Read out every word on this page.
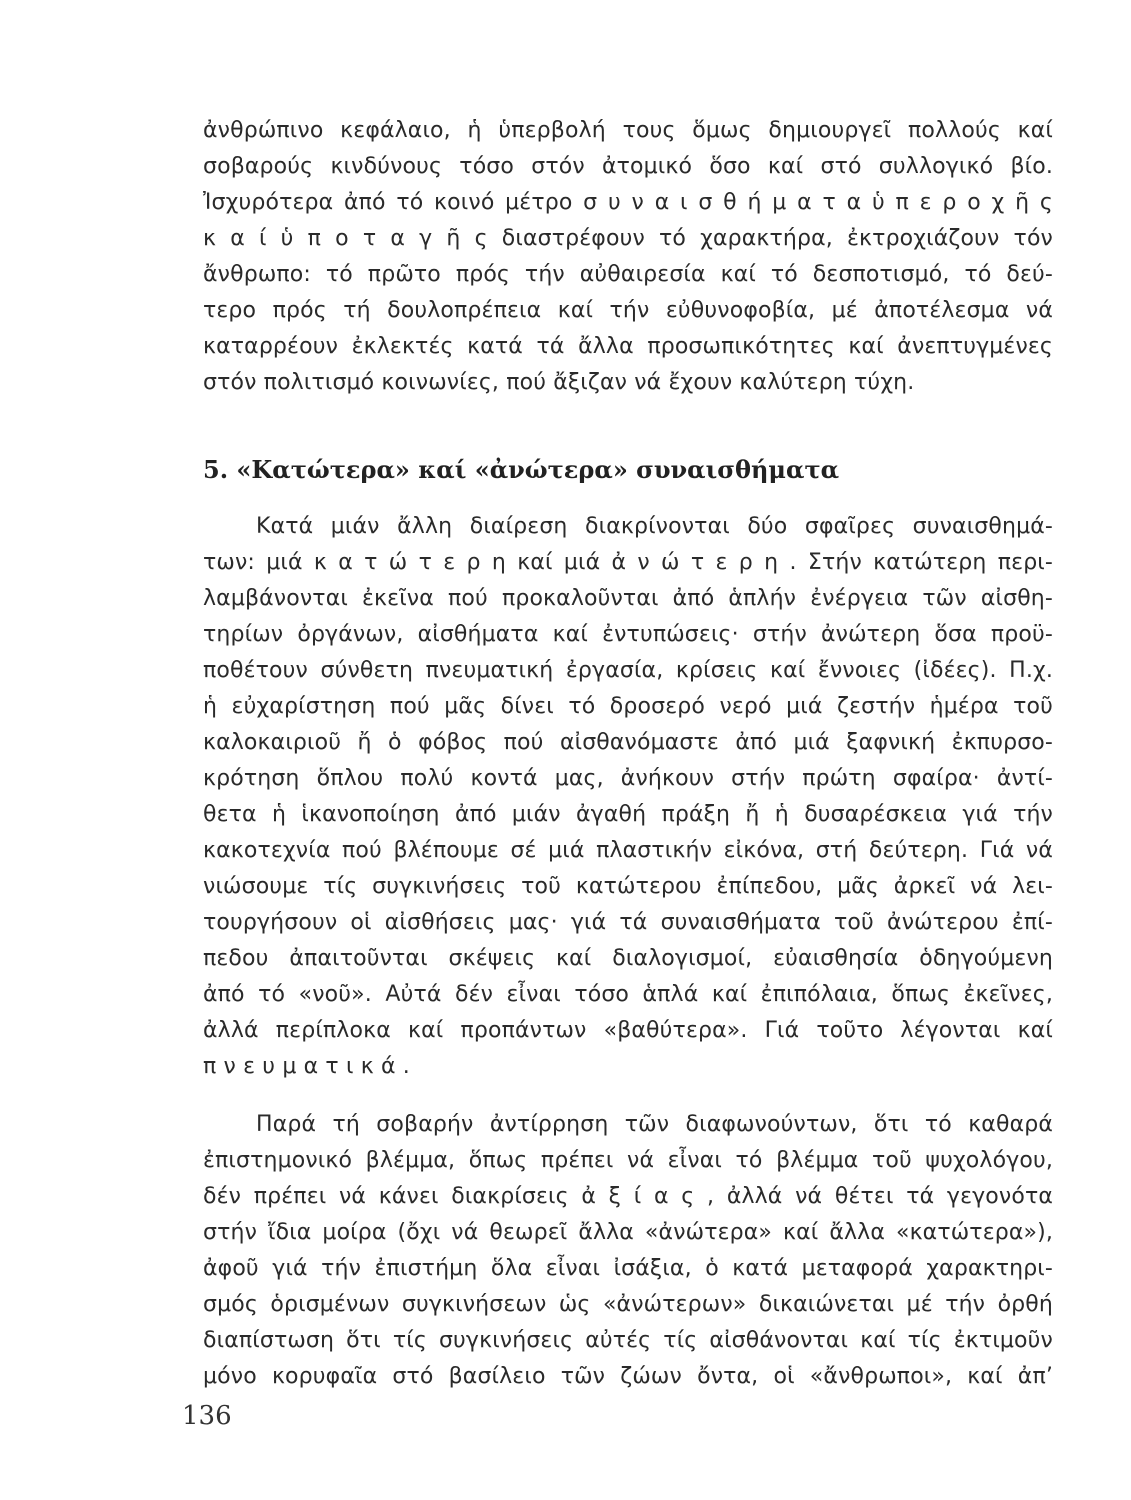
ἀνθρώπινο κεφάλαιο, ἡ ὑπερβολή τους ὅμως δημιουργεῖ πολλούς καί
σοβαρούς κινδύνους τόσο στόν ἀτομικό ὅσο καί στό συλλογικό βίο.
Ἰσχυρότερα ἀπό τό κοινό μέτρο σ υ ν α ι σ θ ή μ α τ α ὑ π ε ρ ο χ ῆ ς
κ α ί ὑ π ο τ α γ ῆ ς διαστρέφουν τό χαρακτήρα, ἐκτροχιάζουν τόν
ἄνθρωπο: τό πρῶτο πρός τήν αὐθαιρεσία καί τό δεσποτισμό, τό δεύ-
τερο πρός τή δουλοπρέπεια καί τήν εὐθυνοφοβία, μέ ἀποτέλεσμα νά
καταρρέουν ἐκλεκτές κατά τά ἄλλα προσωπικότητες καί ἀνεπτυγμένες
στόν πολιτισμό κοινωνίες, πού ἄξιζαν νά ἔχουν καλύτερη τύχη.
5. «Κατώτερα» καί «ἀνώτερα» συναισθήματα
Κατά μιάν ἄλλη διαίρεση διακρίνονται δύο σφαῖρες συναισθημά-
των: μιά κ α τ ώ τ ε ρ η καί μιά ἀ ν ώ τ ε ρ η . Στήν κατώτερη περι-
λαμβάνονται ἐκεῖνα πού προκαλοῦνται ἀπό ἁπλήν ἐνέργεια τῶν αἰσθη-
τηρίων ὀργάνων, αἰσθήματα καί ἐντυπώσεις· στήν ἀνώτερη ὅσα προϋ-
ποθέτουν σύνθετη πνευματική ἐργασία, κρίσεις καί ἔννοιες (ἰδέες). Π.χ.
ἡ εὐχαρίστηση πού μᾶς δίνει τό δροσερό νερό μιά ζεστήν ἡμέρα τοῦ
καλοκαιριοῦ ἤ ὁ φόβος πού αἰσθανόμαστε ἀπό μιά ξαφνική ἐκπυρσο-
κρότηση ὅπλου πολύ κοντά μας, ἀνήκουν στήν πρώτη σφαίρα· ἀντί-
θετα ἡ ἱκανοποίηση ἀπό μιάν ἀγαθή πράξη ἤ ἡ δυσαρέσκεια γιά τήν
κακοτεχνία πού βλέπουμε σέ μιά πλαστικήν εἰκόνα, στή δεύτερη. Γιά νά
νιώσουμε τίς συγκινήσεις τοῦ κατώτερου ἐπίπεδου, μᾶς ἀρκεῖ νά λει-
τουργήσουν οἱ αἰσθήσεις μας· γιά τά συναισθήματα τοῦ ἀνώτερου ἐπί-
πεδου ἀπαιτοῦνται σκέψεις καί διαλογισμοί, εὐαισθησία ὁδηγούμενη
ἀπό τό «νοῦ». Αὐτά δέν εἶναι τόσο ἁπλά καί ἐπιπόλαια, ὅπως ἐκεῖνες,
ἀλλά περίπλοκα καί προπάντων «βαθύτερα». Γιά τοῦτο λέγονται καί
π ν ε υ μ α τ ι κ ά .
Παρά τή σοβαρήν ἀντίρρηση τῶν διαφωνούντων, ὅτι τό καθαρά
ἐπιστημονικό βλέμμα, ὅπως πρέπει νά εἶναι τό βλέμμα τοῦ ψυχολόγου,
δέν πρέπει νά κάνει διακρίσεις ἀ ξ ί α ς , ἀλλά νά θέτει τά γεγονότα
στήν ἴδια μοίρα (ὄχι νά θεωρεῖ ἄλλα «ἀνώτερα» καί ἄλλα «κατώτερα»),
ἀφοῦ γιά τήν ἐπιστήμη ὅλα εἶναι ἰσάξια, ὁ κατά μεταφορά χαρακτηρι-
σμός ὁρισμένων συγκινήσεων ὡς «ἀνώτερων» δικαιώνεται μέ τήν ὀρθή
διαπίστωση ὅτι τίς συγκινήσεις αὐτές τίς αἰσθάνονται καί τίς ἐκτιμοῦν
μόνο κορυφαῖα στό βασίλειο τῶν ζώων ὄντα, οἱ «ἄνθρωποι», καί ἀπ’
136
